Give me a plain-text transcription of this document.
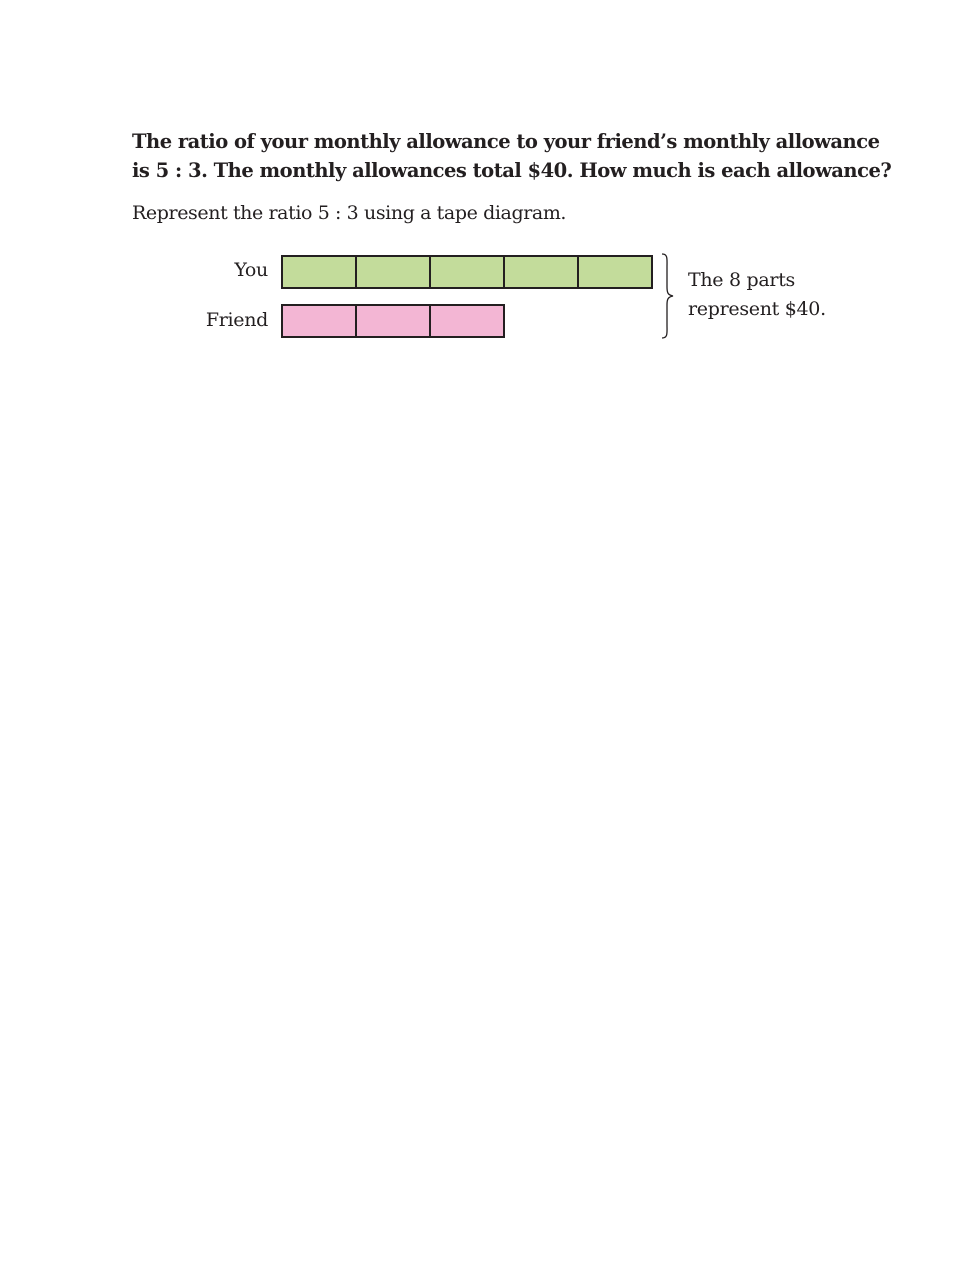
The ratio of your monthly allowance to your friend’s monthly allowance
is 5 : 3. The monthly allowances total $40. How much is each allowance?
Represent the ratio 5 : 3 using a tape diagram.
You
Friend
The 8 parts
represent $40.
